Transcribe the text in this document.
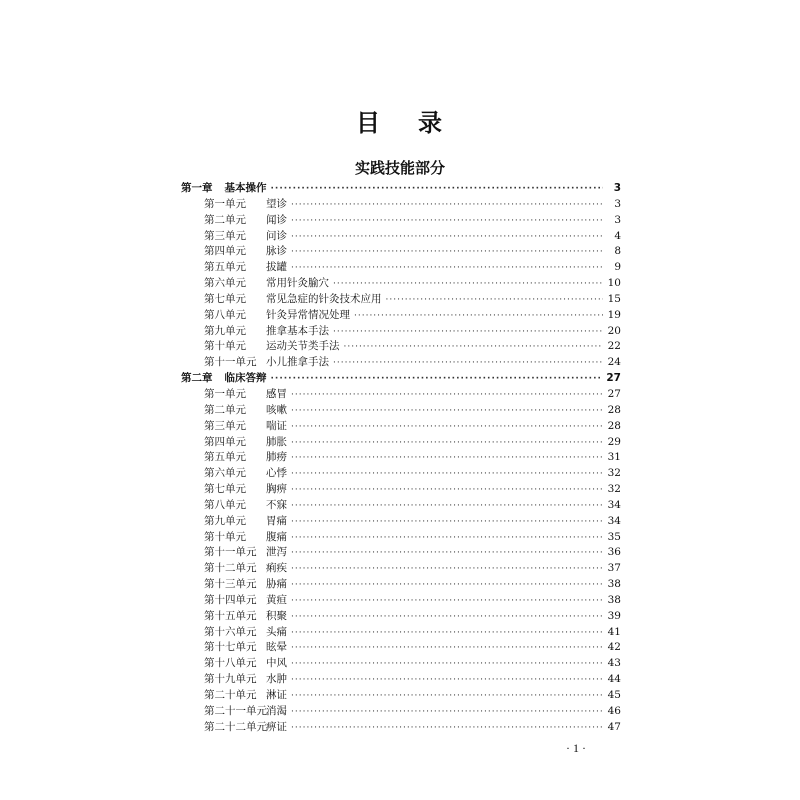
目 录
实践技能部分
第一章 基本操作 ·····	3
第一单元	望诊 ·····	3
第二单元	闻诊 ·····	3
第三单元	问诊 ·····	4
第四单元	脉诊 ·····	8
第五单元	拔罐 ·····	9
第六单元	常用针灸腧穴 ·····	10
第七单元	常见急症的针灸技术应用 ·····	15
第八单元	针灸异常情况处理 ·····	19
第九单元	推拿基本手法 ·····	20
第十单元	运动关节类手法 ·····	22
第十一单元 小儿推拿手法 ·····	24
第二章 临床答辩 ·····	27
第一单元	感冒 ·····	27
第二单元	咳嗽 ·····	28
第三单元	喘证 ·····	28
第四单元	肺胀 ·····	29
第五单元	肺痨 ·····	31
第六单元	心悸 ·····	32
第七单元	胸痹 ·····	32
第八单元	不寐 ·····	34
第九单元	胃痛 ·····	34
第十单元	腹痛 ·····	35
第十一单元 泄泻 ·····	36
第十二单元 痢疾 ·····	37
第十三单元 胁痛 ·····	38
第十四单元 黄疸 ·····	38
第十五单元 积聚 ·····	39
第十六单元 头痛 ·····	41
第十七单元 眩晕 ·····	42
第十八单元 中风 ·····	43
第十九单元 水肿 ·····	44
第二十单元 淋证 ·····	45
第二十一单元 消渴 ·····	46
第二十二单元 痹证 ·····	47
· 1 ·
